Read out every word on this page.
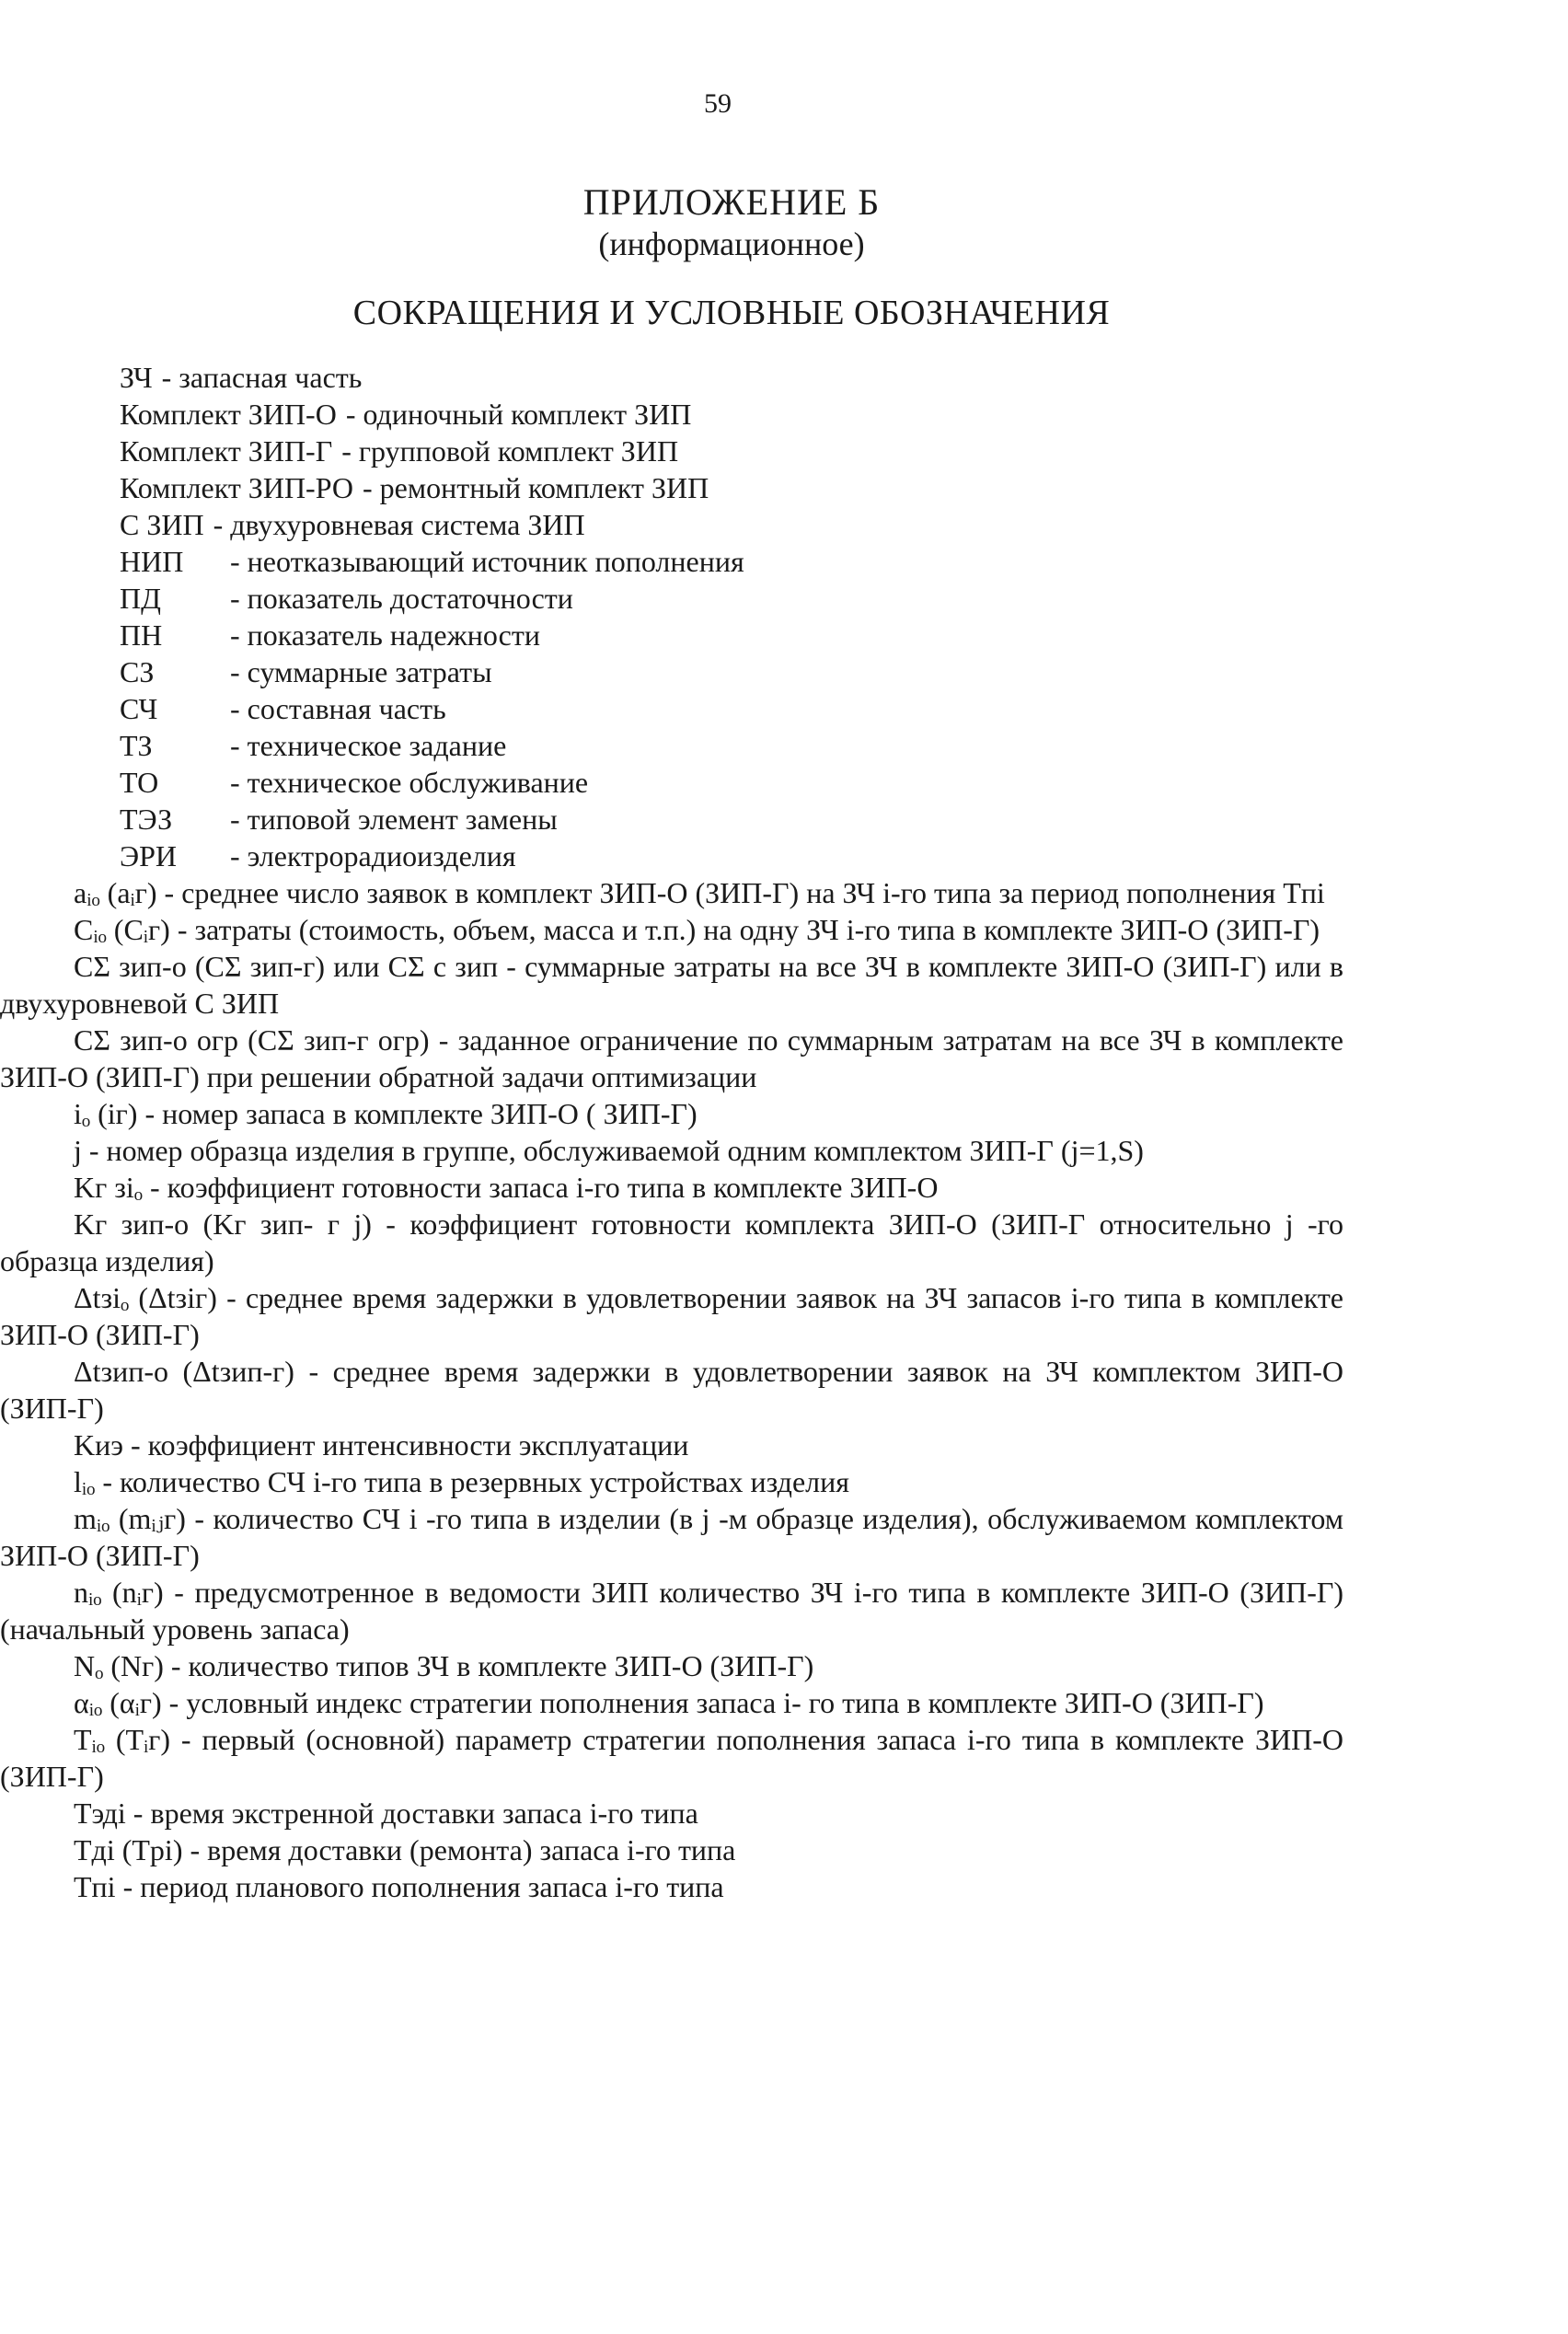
59
ПРИЛОЖЕНИЕ Б
(информационное)
СОКРАЩЕНИЯ И УСЛОВНЫЕ ОБОЗНАЧЕНИЯ
ЗЧ - запасная часть
Комплект ЗИП-О - одиночный комплект ЗИП
Комплект ЗИП-Г - групповой комплект ЗИП
Комплект ЗИП-РО - ремонтный комплект ЗИП
С ЗИП - двухуровневая система ЗИП
НИП	- неотказывающий источник пополнения
ПД	- показатель достаточности
ПН	- показатель надежности
СЗ	- суммарные затраты
СЧ	- составная часть
ТЗ	- техническое задание
ТО	- техническое обслуживание
ТЭЗ	- типовой элемент замены
ЭРИ	- электрорадиоизделия

aᵢₒ (aᵢг) - среднее число заявок в комплект ЗИП-О (ЗИП-Г) на ЗЧ i-го типа за период пополнения Tпi

Cᵢₒ (Cᵢг) - затраты (стоимость, объем, масса и т.п.) на одну ЗЧ i-го типа в комплекте ЗИП-О (ЗИП-Г)

CΣ зип-о (CΣ зип-г) или CΣ с зип - суммарные затраты на все ЗЧ в комплекте ЗИП-О (ЗИП-Г) или в двухуровневой С ЗИП

CΣ зип-о огр (CΣ зип-г огр) - заданное ограничение по суммарным затратам на все ЗЧ в комплекте ЗИП-О (ЗИП-Г) при решении обратной задачи оптимизации

iₒ (iг) - номер запаса в комплекте ЗИП-О ( ЗИП-Г)

j - номер образца изделия в группе, обслуживаемой одним комплектом ЗИП-Г (j=1,S)

Kг зiₒ - коэффициент готовности запаса i-го типа в комплекте ЗИП-О

Kг зип-о (Kг зип- г j) - коэффициент готовности комплекта ЗИП-О (ЗИП-Г относительно j -го образца изделия)

Δtзiₒ (Δtзiг) - среднее время задержки в удовлетворении заявок на ЗЧ запасов i-го типа в комплекте ЗИП-О (ЗИП-Г)

Δtзип-о (Δtзип-г) - среднее время задержки в удовлетворении заявок на ЗЧ комплектом ЗИП-О (ЗИП-Г)

Kиэ - коэффициент интенсивности эксплуатации

lᵢₒ - количество СЧ i-го типа в резервных устройствах изделия

mᵢₒ (mᵢⱼг) - количество СЧ i -го типа в изделии (в j -м образце изделия), обслуживаемом комплектом ЗИП-О (ЗИП-Г)

nᵢₒ (nᵢг) - предусмотренное в ведомости ЗИП количество ЗЧ i-го типа в комплекте ЗИП-О (ЗИП-Г) (начальный уровень запаса)

Nₒ (Nг) - количество типов ЗЧ в комплекте ЗИП-О (ЗИП-Г)

αᵢₒ (αᵢг) - условный индекс стратегии пополнения запаса i- го типа в комплекте ЗИП-О (ЗИП-Г)

Tᵢₒ (Tᵢг) - первый (основной) параметр стратегии пополнения запаса i-го типа в комплекте ЗИП-О (ЗИП-Г)

Tэдi - время экстренной доставки запаса i-го типа

Tдi (Tpi) - время доставки (ремонта) запаса i-го типа

Tпi - период планового пополнения запаса i-го типа
